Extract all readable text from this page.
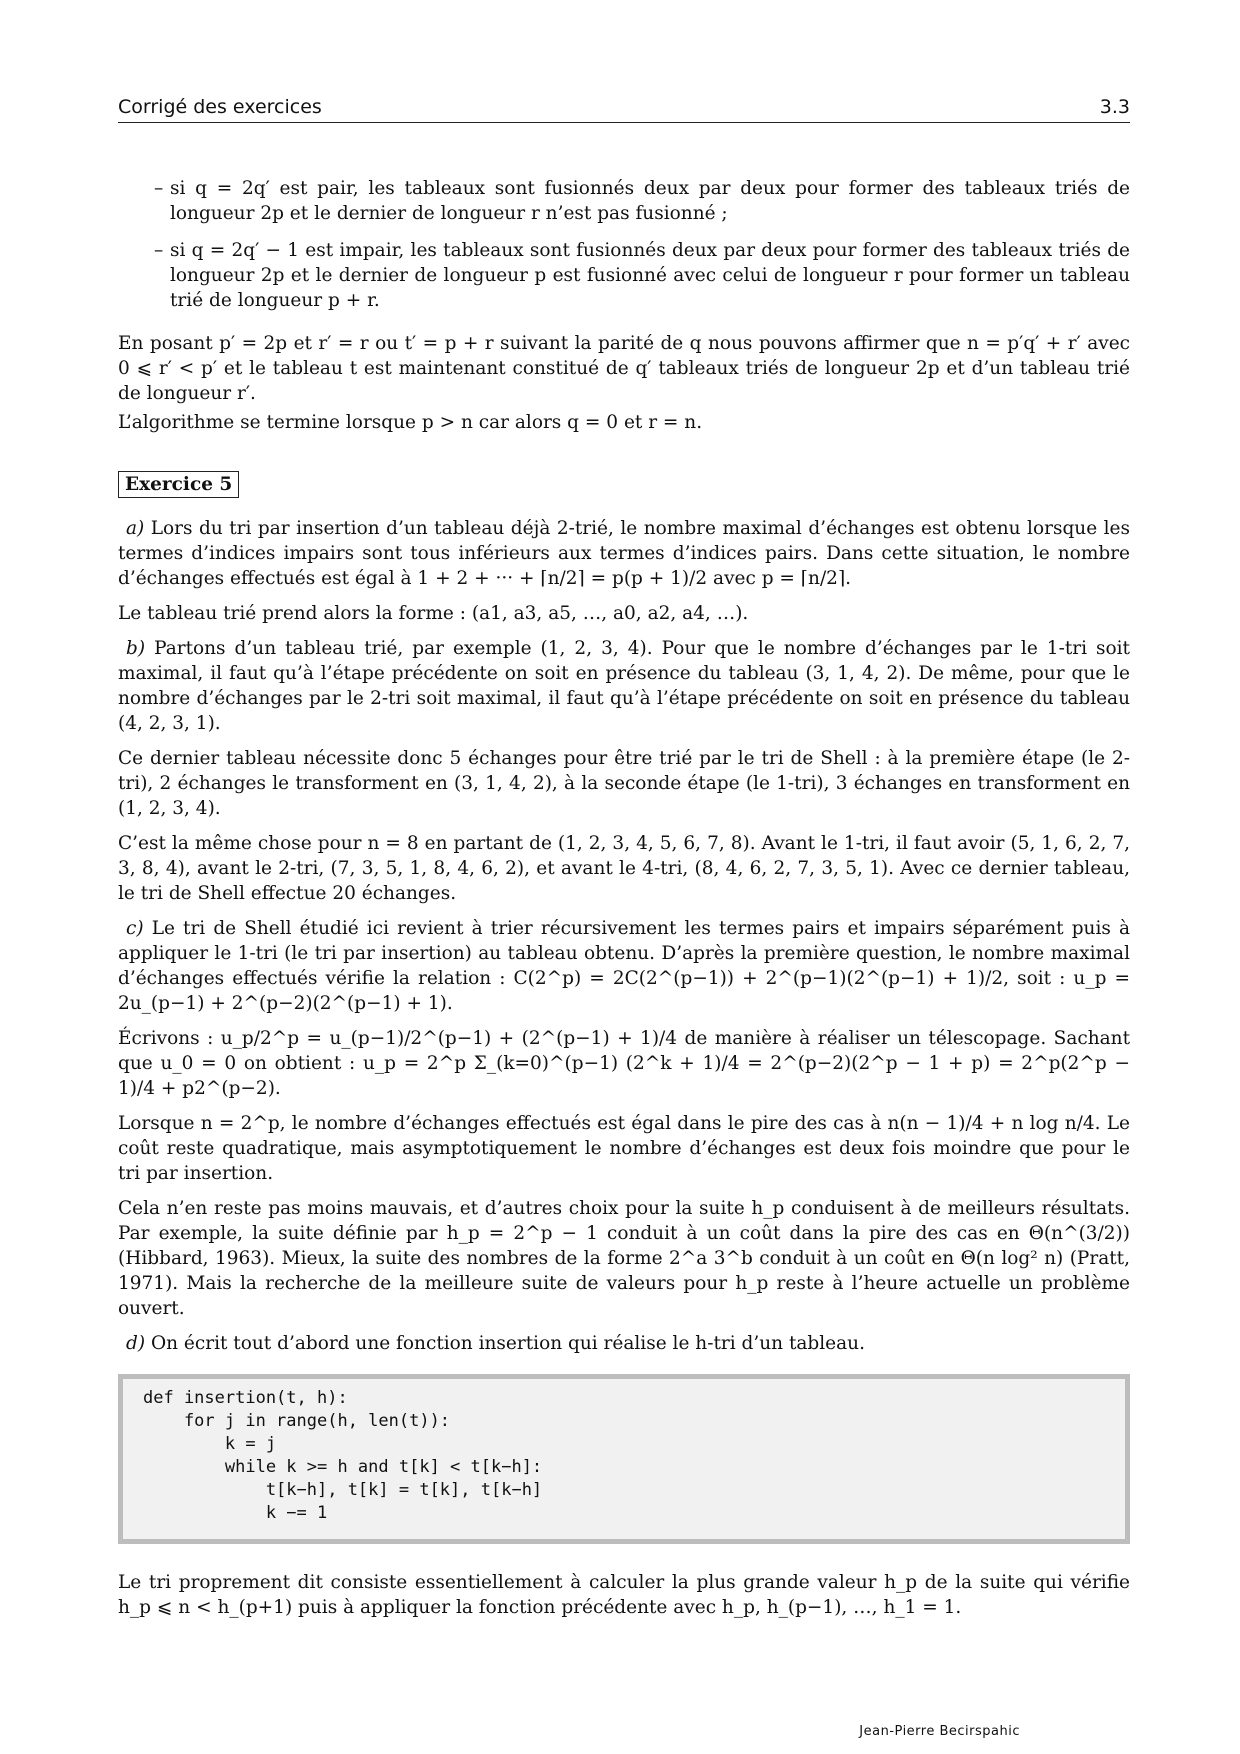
Corrigé des exercices	3.3
– si q = 2q′ est pair, les tableaux sont fusionnés deux par deux pour former des tableaux triés de longueur 2p et le dernier de longueur r n’est pas fusionné ;
– si q = 2q′ − 1 est impair, les tableaux sont fusionnés deux par deux pour former des tableaux triés de longueur 2p et le dernier de longueur p est fusionné avec celui de longueur r pour former un tableau trié de longueur p + r.

En posant p′ = 2p et r′ = r ou t′ = p + r suivant la parité de q nous pouvons affirmer que n = p′q′ + r′ avec 0 ⩽ r′ < p′ et le tableau t est maintenant constitué de q′ tableaux triés de longueur 2p et d’un tableau trié de longueur r′.

L’algorithme se termine lorsque p > n car alors q = 0 et r = n.

Exercice 5

a) Lors du tri par insertion d’un tableau déjà 2-trié, le nombre maximal d’échanges est obtenu lorsque les termes d’indices impairs sont tous inférieurs aux termes d’indices pairs. Dans cette situation, le nombre d’échanges effectués est égal à 1 + 2 + ··· + ⌈n/2⌉ = p(p + 1)/2 avec p = ⌈n/2⌉.

Le tableau trié prend alors la forme : (a1, a3, a5, …, a0, a2, a4, …).

b) Partons d’un tableau trié, par exemple (1, 2, 3, 4). Pour que le nombre d’échanges par le 1-tri soit maximal, il faut qu’à l’étape précédente on soit en présence du tableau (3, 1, 4, 2). De même, pour que le nombre d’échanges par le 2-tri soit maximal, il faut qu’à l’étape précédente on soit en présence du tableau (4, 2, 3, 1).

Ce dernier tableau nécessite donc 5 échanges pour être trié par le tri de Shell : à la première étape (le 2-tri), 2 échanges le transforment en (3, 1, 4, 2), à la seconde étape (le 1-tri), 3 échanges en transforment en (1, 2, 3, 4).

C’est la même chose pour n = 8 en partant de (1, 2, 3, 4, 5, 6, 7, 8). Avant le 1-tri, il faut avoir (5, 1, 6, 2, 7, 3, 8, 4), avant le 2-tri, (7, 3, 5, 1, 8, 4, 6, 2), et avant le 4-tri, (8, 4, 6, 2, 7, 3, 5, 1). Avec ce dernier tableau, le tri de Shell effectue 20 échanges.

c) Le tri de Shell étudié ici revient à trier récursivement les termes pairs et impairs séparément puis à appliquer le 1-tri (le tri par insertion) au tableau obtenu. D’après la première question, le nombre maximal d’échanges effectués vérifie la relation : C(2^p) = 2C(2^(p−1)) + 2^(p−1)(2^(p−1) + 1)/2, soit : u_p = 2u_(p−1) + 2^(p−2)(2^(p−1) + 1).

Écrivons : u_p/2^p = u_(p−1)/2^(p−1) + (2^(p−1) + 1)/4 de manière à réaliser un télescopage. Sachant que u_0 = 0 on obtient : u_p = 2^p Σ_(k=0)^(p−1) (2^k + 1)/4 = 2^(p−2)(2^p − 1 + p) = 2^p(2^p − 1)/4 + p2^(p−2).

Lorsque n = 2^p, le nombre d’échanges effectués est égal dans le pire des cas à n(n − 1)/4 + n log n/4. Le coût reste quadratique, mais asymptotiquement le nombre d’échanges est deux fois moindre que pour le tri par insertion.

Cela n’en reste pas moins mauvais, et d’autres choix pour la suite h_p conduisent à de meilleurs résultats. Par exemple, la suite définie par h_p = 2^p − 1 conduit à un coût dans la pire des cas en Θ(n^(3/2)) (Hibbard, 1963). Mieux, la suite des nombres de la forme 2^a 3^b conduit à un coût en Θ(n log² n) (Pratt, 1971). Mais la recherche de la meilleure suite de valeurs pour h_p reste à l’heure actuelle un problème ouvert.

d) On écrit tout d’abord une fonction insertion qui réalise le h-tri d’un tableau.

def insertion(t, h):
for j in range(h, len(t)):
k = j
while k >= h and t[k] < t[k−h]:
t[k−h], t[k] = t[k], t[k−h]
k −= 1

Le tri proprement dit consiste essentiellement à calculer la plus grande valeur h_p de la suite qui vérifie h_p ⩽ n < h_(p+1) puis à appliquer la fonction précédente avec h_p, h_(p−1), …, h_1 = 1.

Jean-Pierre Becirspahic
